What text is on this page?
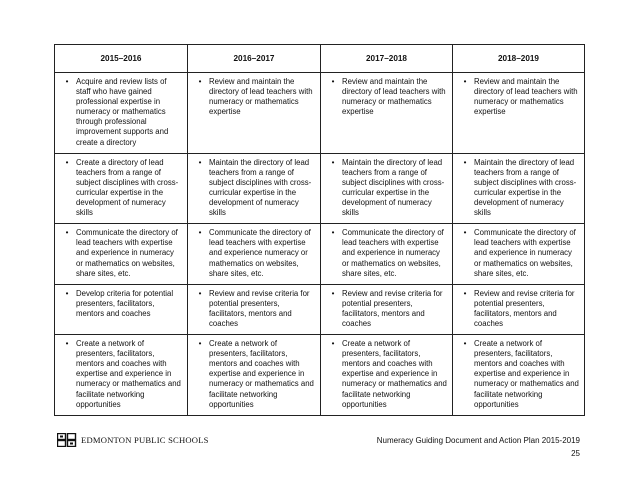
2015–2016	2016–2017	2017–2018	2018–2019

• Acquire and review lists of staff who have gained professional expertise in numeracy or mathematics through professional improvement supports and create a directory	• Review and maintain the directory of lead teachers with numeracy or mathematics expertise	• Review and maintain the directory of lead teachers with numeracy or mathematics expertise	• Review and maintain the directory of lead teachers with numeracy or mathematics expertise

• Create a directory of lead teachers from a range of subject disciplines with cross-curricular expertise in the development of numeracy skills	• Maintain the directory of lead teachers from a range of subject disciplines with cross-curricular expertise in the development of numeracy skills	• Maintain the directory of lead teachers from a range of subject disciplines with cross-curricular expertise in the development of numeracy skills	• Maintain the directory of lead teachers from a range of subject disciplines with cross-curricular expertise in the development of numeracy skills

• Communicate the directory of lead teachers with expertise and experience in numeracy or mathematics on websites, share sites, etc.	• Communicate the directory of lead teachers with expertise and experience numeracy or mathematics on websites, share sites, etc.	• Communicate the directory of lead teachers with expertise and experience in numeracy or mathematics on websites, share sites, etc.	• Communicate the directory of lead teachers with expertise and experience in numeracy or mathematics on websites, share sites, etc.

• Develop criteria for potential presenters, facilitators, mentors and coaches	• Review and revise criteria for potential presenters, facilitators, mentors and coaches	• Review and revise criteria for potential presenters, facilitators, mentors and coaches	• Review and revise criteria for potential presenters, facilitators, mentors and coaches

• Create a network of presenters, facilitators, mentors and coaches with expertise and experience in numeracy or mathematics and facilitate networking opportunities	• Create a network of presenters, facilitators, mentors and coaches with expertise and experience in numeracy or mathematics and facilitate networking opportunities	• Create a network of presenters, facilitators, mentors and coaches with expertise and experience in numeracy or mathematics and facilitate networking opportunities	• Create a network of presenters, facilitators, mentors and coaches with expertise and experience in numeracy or mathematics and facilitate networking opportunities
EDMONTON PUBLIC SCHOOLS	Numeracy Guiding Document and Action Plan 2015-2019
25
